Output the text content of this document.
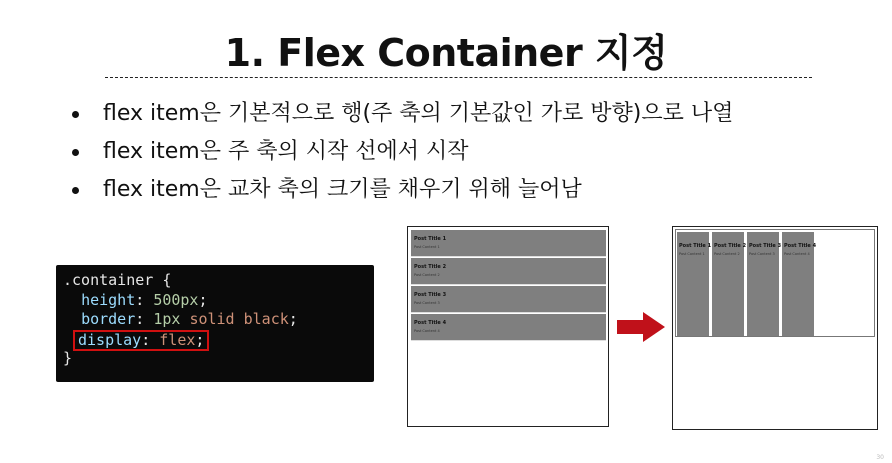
1. Flex Container 지정
flex item은 기본적으로 행(주 축의 기본값인 가로 방향)으로 나열
flex item은 주 축의 시작 선에서 시작
flex item은 교차 축의 크기를 채우기 위해 늘어남
.container {
height: 500px;
border: 1px solid black;
display: flex;
}
Post Title 1
Post Content 1
Post Title 2
Post Content 2
Post Title 3
Post Content 3
Post Title 4
Post Content 4
Post Title 1
Post Content 1
Post Title 2
Post Content 2
Post Title 3
Post Content 3
Post Title 4
Post Content 4
30
